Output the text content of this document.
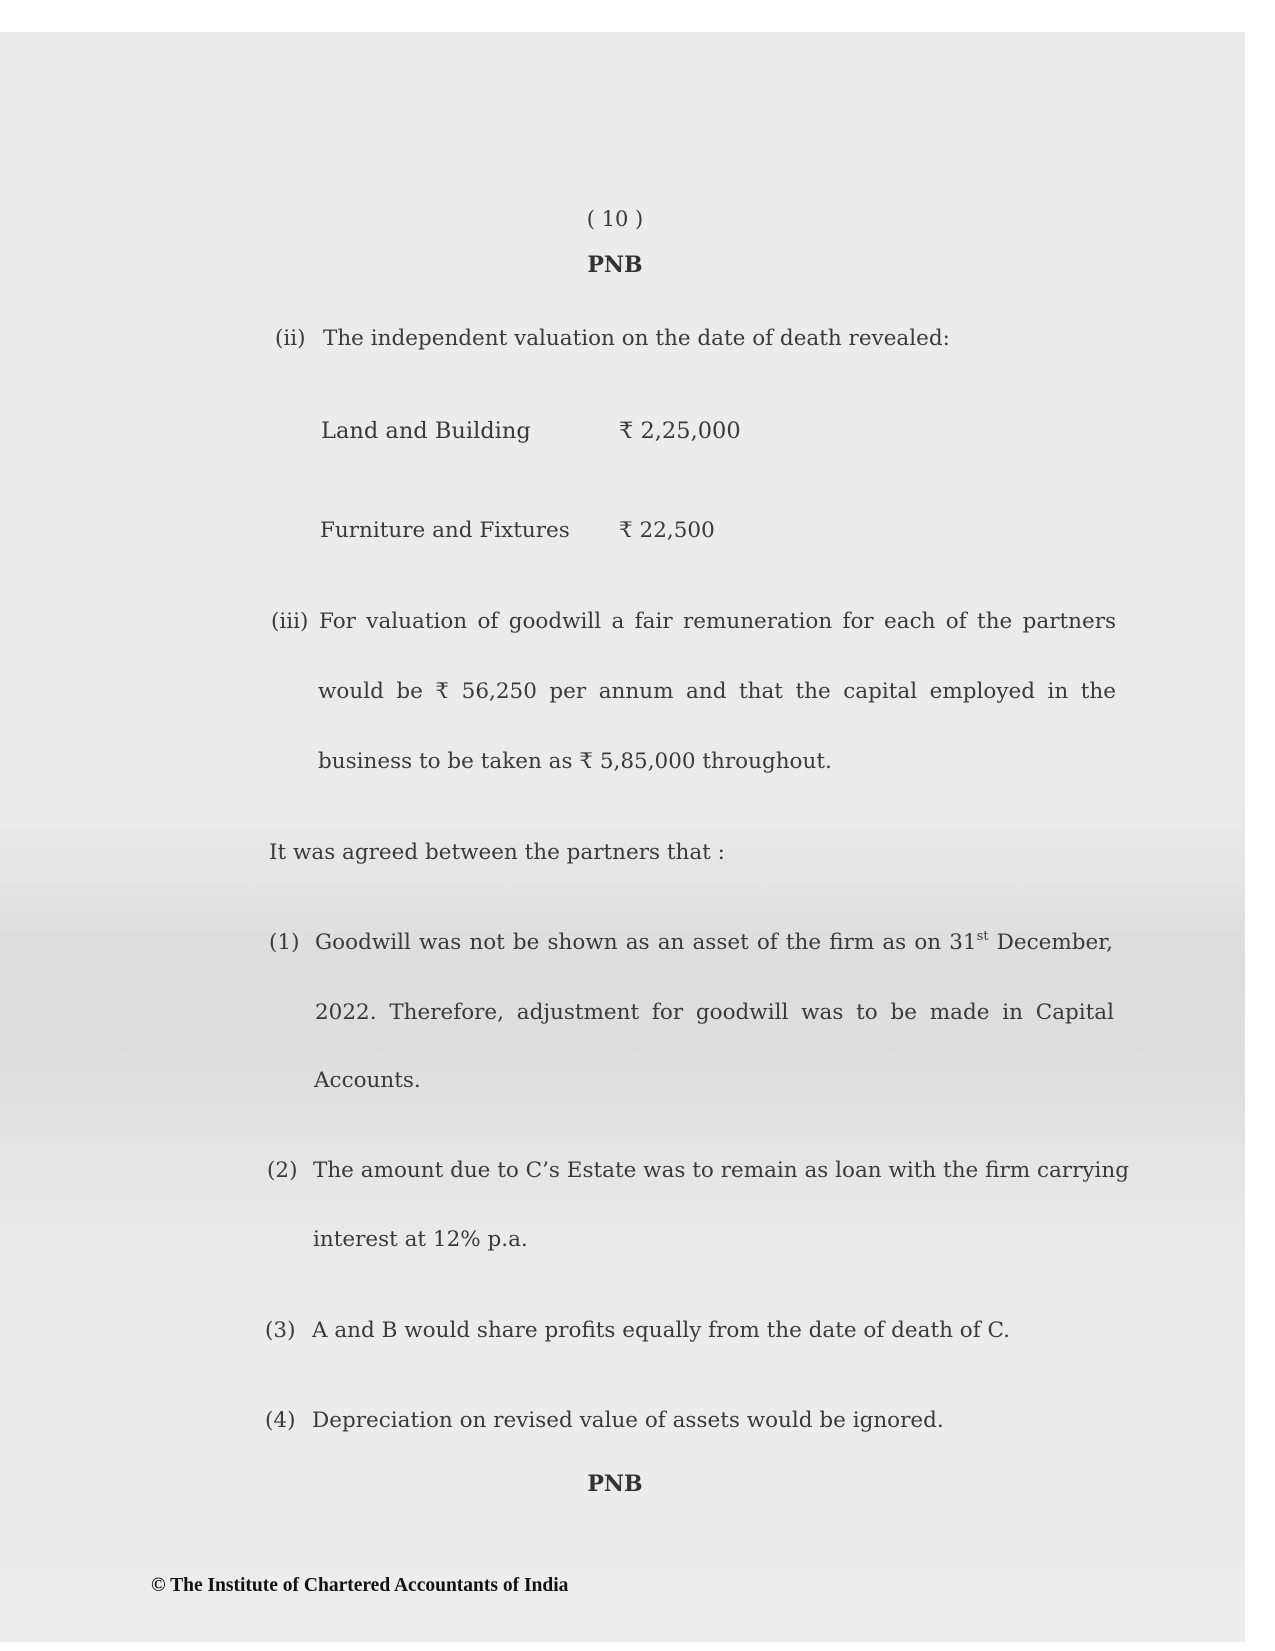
( 10 )
PNB
(ii) The independent valuation on the date of death revealed:
Land and Building	₹ 2,25,000
Furniture and Fixtures ₹ 22,500
(iii) For valuation of goodwill a fair remuneration for each of the partners
would be ₹ 56,250 per annum and that the capital employed in the
business to be taken as ₹ 5,85,000 throughout.
It was agreed between the partners that :
(1) Goodwill was not be shown as an asset of the firm as on 31st December,
2022. Therefore, adjustment for goodwill was to be made in Capital
Accounts.
(2) The amount due to C’s Estate was to remain as loan with the firm carrying
interest at 12% p.a.
(3) A and B would share profits equally from the date of death of C.
(4) Depreciation on revised value of assets would be ignored.
PNB
© The Institute of Chartered Accountants of India
